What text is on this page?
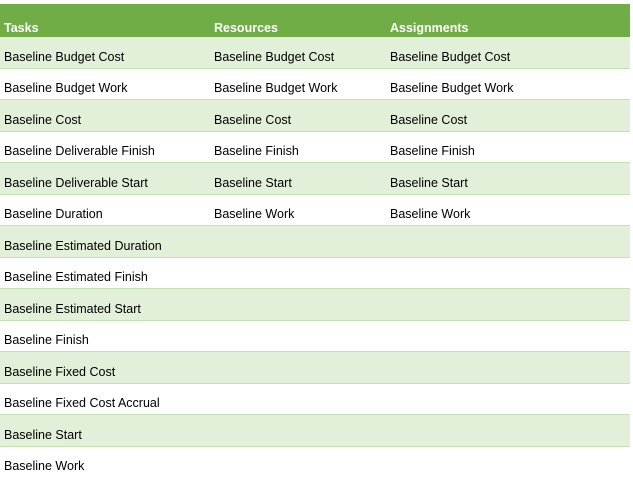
Tasks	Resources	Assignments
Baseline Budget Cost	Baseline Budget Cost	Baseline Budget Cost
Baseline Budget Work	Baseline Budget Work	Baseline Budget Work
Baseline Cost	Baseline Cost	Baseline Cost
Baseline Deliverable Finish	Baseline Finish	Baseline Finish
Baseline Deliverable Start	Baseline Start	Baseline Start
Baseline Duration	Baseline Work	Baseline Work
Baseline Estimated Duration
Baseline Estimated Finish
Baseline Estimated Start
Baseline Finish
Baseline Fixed Cost
Baseline Fixed Cost Accrual
Baseline Start
Baseline Work
